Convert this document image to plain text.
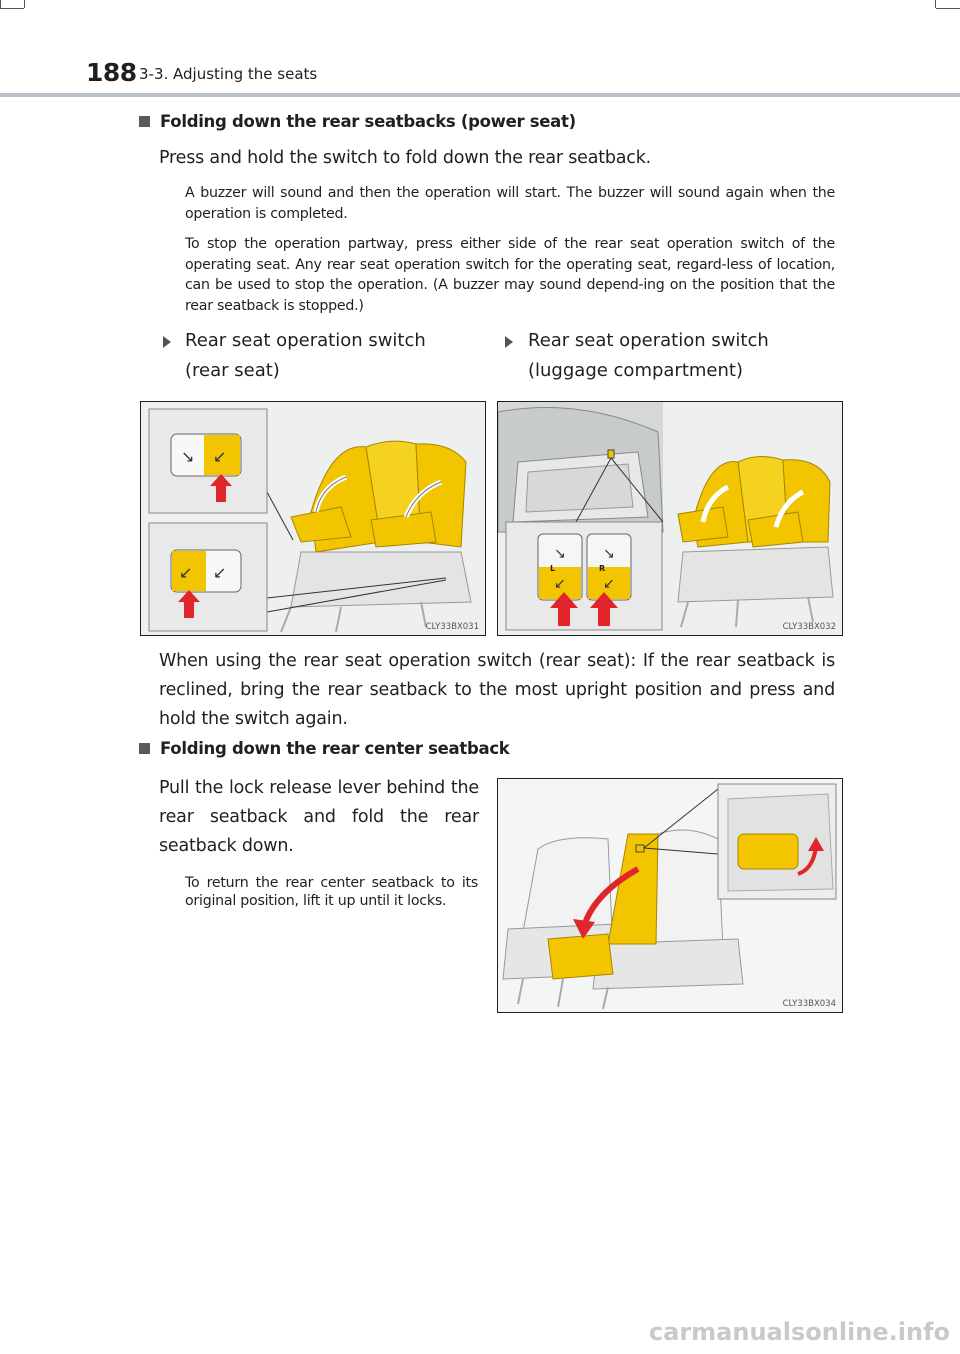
188 3-3. Adjusting the seats
Folding down the rear seatbacks (power seat)
Press and hold the switch to fold down the rear seatback.
A buzzer will sound and then the operation will start. The buzzer will sound again when the operation is completed.
To stop the operation partway, press either side of the rear seat operation switch of the operating seat. Any rear seat operation switch for the operating seat, regard-less of location, can be used to stop the operation. (A buzzer may sound depend-ing on the position that the rear seatback is stopped.)
Rear seat operation switch
(rear seat)
Rear seat operation switch
(luggage compartment)
↘ ↙
↙ ↙
CLY33BX031
↘	↘
↙	↙
L	R
CLY33BX032
When using the rear seat operation switch (rear seat): If the rear seatback is reclined, bring the rear seatback to the most upright position and press and hold the switch again.
Folding down the rear center seatback
Pull the lock release lever behind the rear seatback and fold the rear seatback down.
To return the rear center seatback to its original position, lift it up until it locks.
CLY33BX034
carmanualsonline.info
